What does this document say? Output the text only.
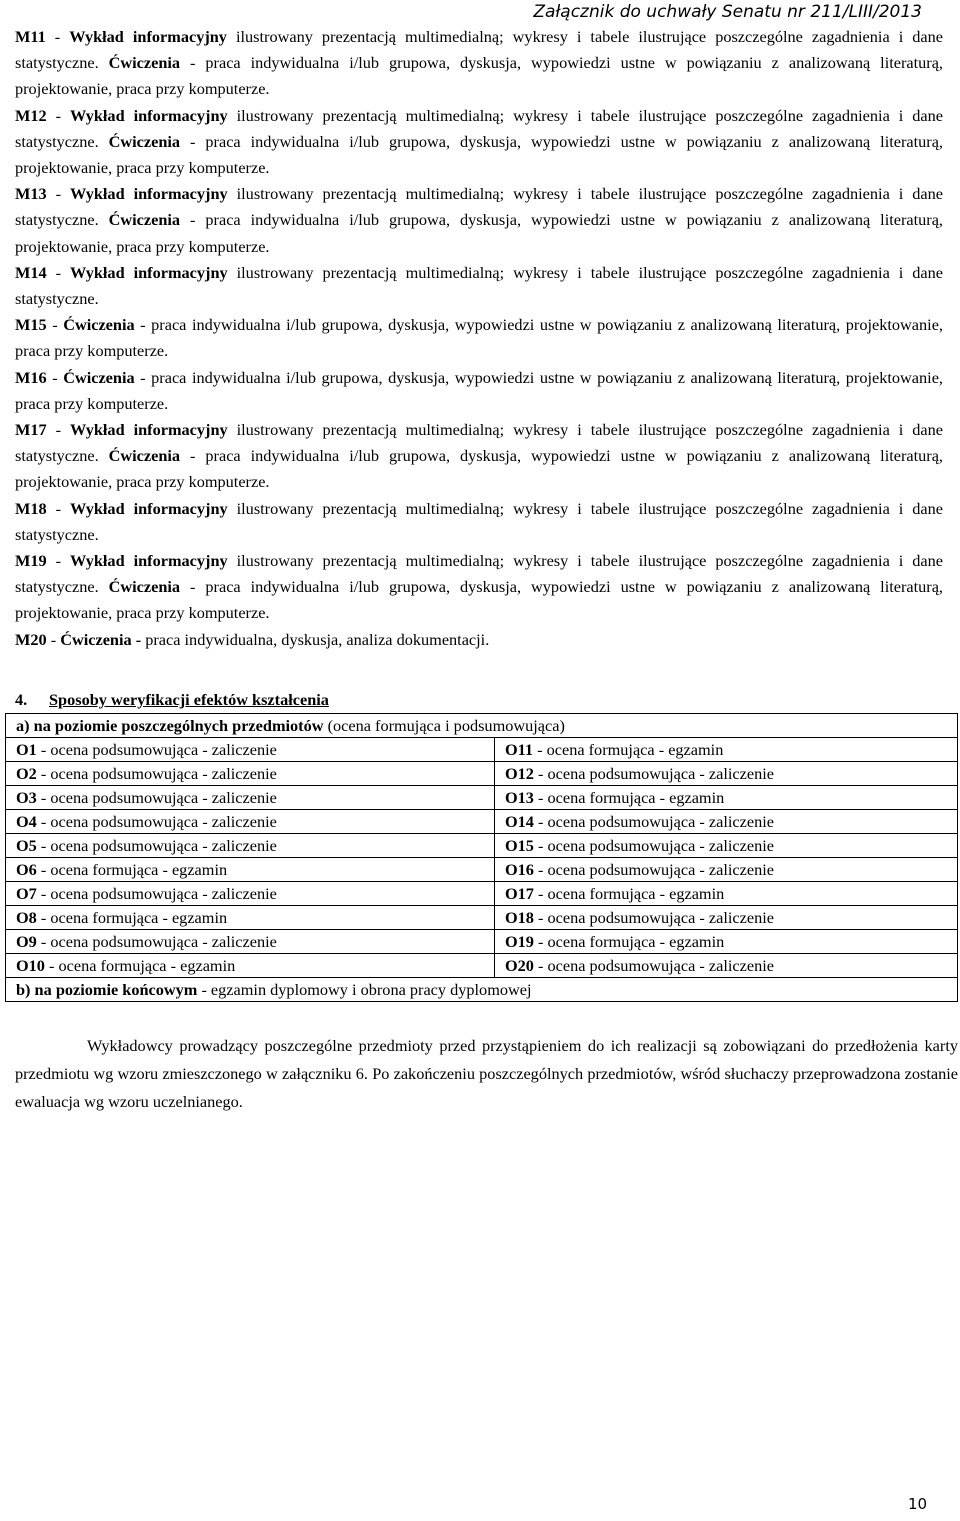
Załącznik do uchwały Senatu nr 211/LIII/2013

M11 - Wykład informacyjny ilustrowany prezentacją multimedialną; wykresy i tabele ilustrujące poszczególne zagadnienia i dane statystyczne. Ćwiczenia - praca indywidualna i/lub grupowa, dyskusja, wypowiedzi ustne w powiązaniu z analizowaną literaturą, projektowanie, praca przy komputerze.

M12 - Wykład informacyjny ilustrowany prezentacją multimedialną; wykresy i tabele ilustrujące poszczególne zagadnienia i dane statystyczne. Ćwiczenia - praca indywidualna i/lub grupowa, dyskusja, wypowiedzi ustne w powiązaniu z analizowaną literaturą, projektowanie, praca przy komputerze.

M13 - Wykład informacyjny ilustrowany prezentacją multimedialną; wykresy i tabele ilustrujące poszczególne zagadnienia i dane statystyczne. Ćwiczenia - praca indywidualna i/lub grupowa, dyskusja, wypowiedzi ustne w powiązaniu z analizowaną literaturą, projektowanie, praca przy komputerze.

M14 - Wykład informacyjny ilustrowany prezentacją multimedialną; wykresy i tabele ilustrujące poszczególne zagadnienia i dane statystyczne.

M15 - Ćwiczenia - praca indywidualna i/lub grupowa, dyskusja, wypowiedzi ustne w powiązaniu z analizowaną literaturą, projektowanie, praca przy komputerze.

M16 - Ćwiczenia - praca indywidualna i/lub grupowa, dyskusja, wypowiedzi ustne w powiązaniu z analizowaną literaturą, projektowanie, praca przy komputerze.

M17 - Wykład informacyjny ilustrowany prezentacją multimedialną; wykresy i tabele ilustrujące poszczególne zagadnienia i dane statystyczne. Ćwiczenia - praca indywidualna i/lub grupowa, dyskusja, wypowiedzi ustne w powiązaniu z analizowaną literaturą, projektowanie, praca przy komputerze.

M18 - Wykład informacyjny ilustrowany prezentacją multimedialną; wykresy i tabele ilustrujące poszczególne zagadnienia i dane statystyczne.

M19 - Wykład informacyjny ilustrowany prezentacją multimedialną; wykresy i tabele ilustrujące poszczególne zagadnienia i dane statystyczne. Ćwiczenia - praca indywidualna i/lub grupowa, dyskusja, wypowiedzi ustne w powiązaniu z analizowaną literaturą, projektowanie, praca przy komputerze.

M20 - Ćwiczenia - praca indywidualna, dyskusja, analiza dokumentacji.

4. Sposoby weryfikacji efektów kształcenia
a) na poziomie poszczególnych przedmiotów (ocena formująca i podsumowująca)	
O1 - ocena podsumowująca - zaliczenie	O11 - ocena formująca - egzamin
O2 - ocena podsumowująca - zaliczenie	O12 - ocena podsumowująca - zaliczenie
O3 - ocena podsumowująca - zaliczenie	O13 - ocena formująca - egzamin
O4 - ocena podsumowująca - zaliczenie	O14 - ocena podsumowująca - zaliczenie
O5 - ocena podsumowująca - zaliczenie	O15 - ocena podsumowująca - zaliczenie
O6 - ocena formująca - egzamin	O16 - ocena podsumowująca - zaliczenie
O7 - ocena podsumowująca - zaliczenie	O17 - ocena formująca - egzamin
O8 - ocena formująca - egzamin	O18 - ocena podsumowująca - zaliczenie
O9 - ocena podsumowująca - zaliczenie	O19 - ocena formująca - egzamin
O10 - ocena formująca - egzamin	O20 - ocena podsumowująca - zaliczenie
b) na poziomie końcowym - egzamin dyplomowy i obrona pracy dyplomowej	

Wykładowcy prowadzący poszczególne przedmioty przed przystąpieniem do ich realizacji są zobowiązani do przedłożenia karty przedmiotu wg wzoru zmieszczonego w załączniku 6. Po zakończeniu poszczególnych przedmiotów, wśród słuchaczy przeprowadzona zostanie ewaluacja wg wzoru uczelnianego.

10
